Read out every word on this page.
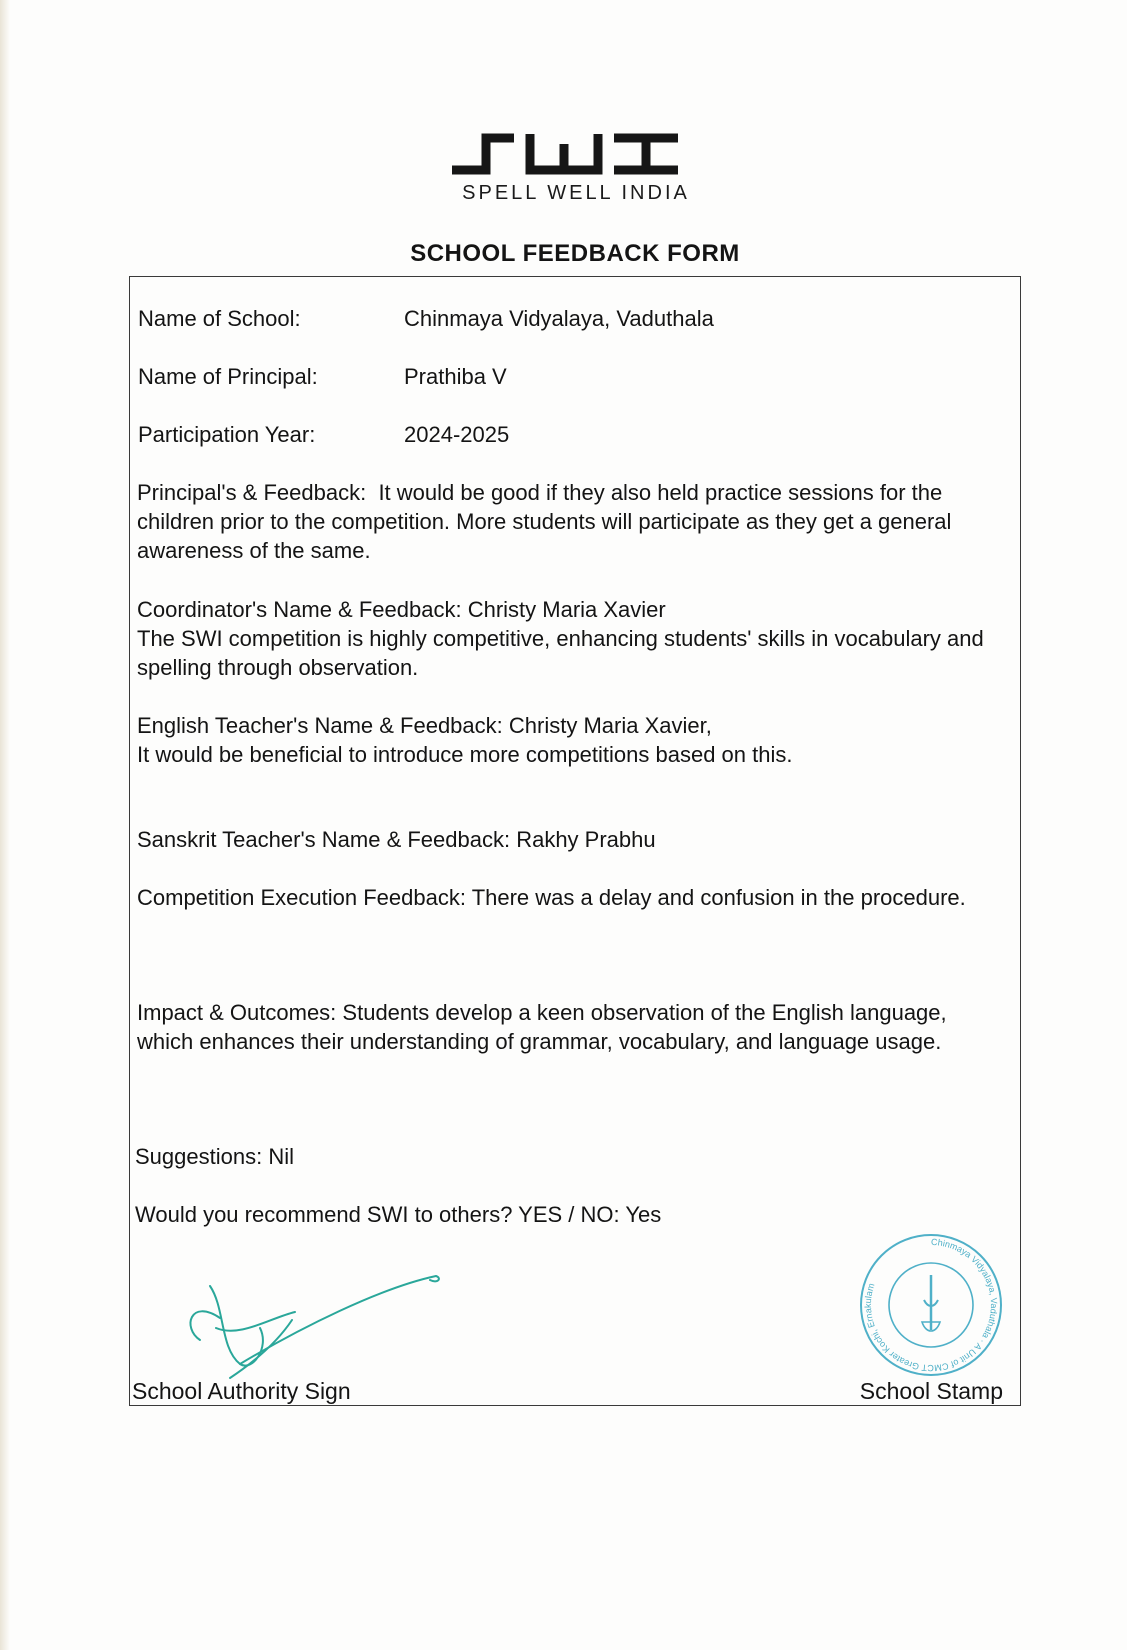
SPELL WELL INDIA
SCHOOL FEEDBACK FORM
Name of School:	Chinmaya Vidyalaya, Vaduthala
Name of Principal:	Prathiba V
Participation Year:	2024-2025
Principal's & Feedback: It would be good if they also held practice sessions for the children prior to the competition. More students will participate as they get a general awareness of the same.
Coordinator's Name & Feedback: Christy Maria Xavier
The SWI competition is highly competitive, enhancing students' skills in vocabulary and spelling through observation.
English Teacher's Name & Feedback: Christy Maria Xavier,
It would be beneficial to introduce more competitions based on this.
Sanskrit Teacher's Name & Feedback: Rakhy Prabhu
Competition Execution Feedback: There was a delay and confusion in the procedure.
Impact & Outcomes: Students develop a keen observation of the English language, which enhances their understanding of grammar, vocabulary, and language usage.
Suggestions: Nil
Would you recommend SWI to others? YES / NO: Yes
Chinmaya Vidyalaya, Vaduthala · A Unit of CMCT Greater Kochi, Ernakulam
School Authority Sign	School Stamp
